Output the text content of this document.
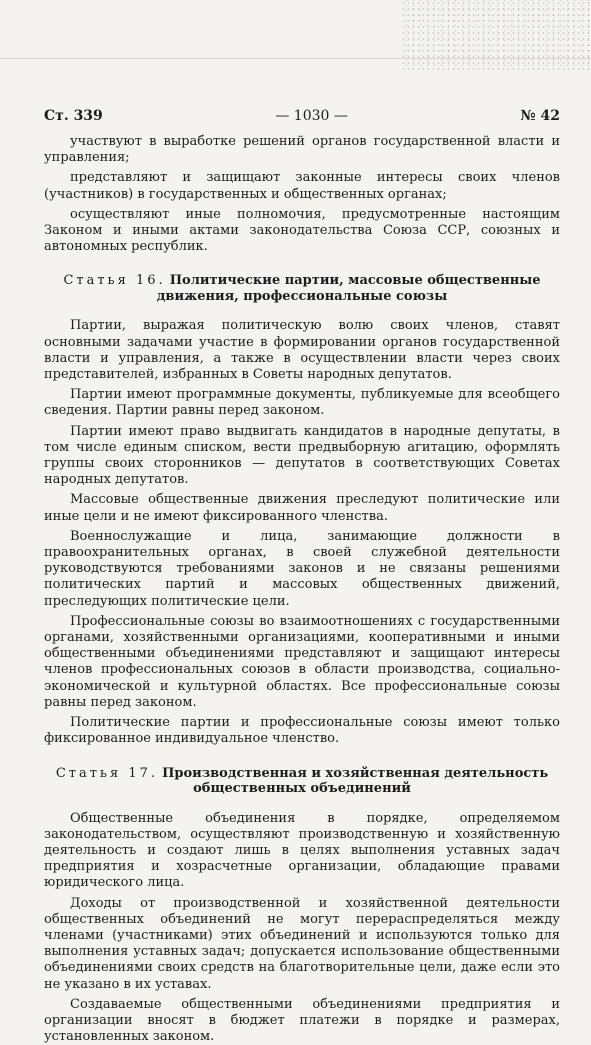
Ст. 339	— 1030 —	№ 42

участвуют в выработке решений органов государственной власти и управления;

представляют и защищают законные интересы своих членов (участников) в государственных и общественных органах;

осуществляют иные полномочия, предусмотренные настоящим Законом и иными актами законодательства Союза ССР, союзных и автономных республик.

Статья 16. Политические партии, массовые общественные движения, профессиональные союзы

Партии, выражая политическую волю своих членов, ставят основными задачами участие в формировании органов государственной власти и управления, а также в осуществлении власти через своих представителей, избранных в Советы народных депутатов.

Партии имеют программные документы, публикуемые для всеобщего сведения. Партии равны перед законом.

Партии имеют право выдвигать кандидатов в народные депутаты, в том числе единым списком, вести предвыборную агитацию, оформлять группы своих сторонников — депутатов в соответствующих Советах народных депутатов.

Массовые общественные движения преследуют политические или иные цели и не имеют фиксированного членства.

Военнослужащие и лица, занимающие должности в правоохранительных органах, в своей служебной деятельности руководствуются требованиями законов и не связаны решениями политических партий и массовых общественных движений, преследующих политические цели.

Профессиональные союзы во взаимоотношениях с государственными органами, хозяйственными организациями, кооперативными и иными общественными объединениями представляют и защищают интересы членов профессиональных союзов в области производства, социально-экономической и культурной областях. Все профессиональные союзы равны перед законом.

Политические партии и профессиональные союзы имеют только фиксированное индивидуальное членство.

Статья 17. Производственная и хозяйственная деятельность общественных объединений

Общественные объединения в порядке, определяемом законодательством, осуществляют производственную и хозяйственную деятельность и создают лишь в целях выполнения уставных задач предприятия и хозрасчетные организации, обладающие правами юридического лица.

Доходы от производственной и хозяйственной деятельности общественных объединений не могут перераспределяться между членами (участниками) этих объединений и используются только для выполнения уставных задач; допускается использование общественными объединениями своих средств на благотворительные цели, даже если это не указано в их уставах.

Создаваемые общественными объединениями предприятия и организации вносят в бюджет платежи в порядке и размерах, установленных законом.
